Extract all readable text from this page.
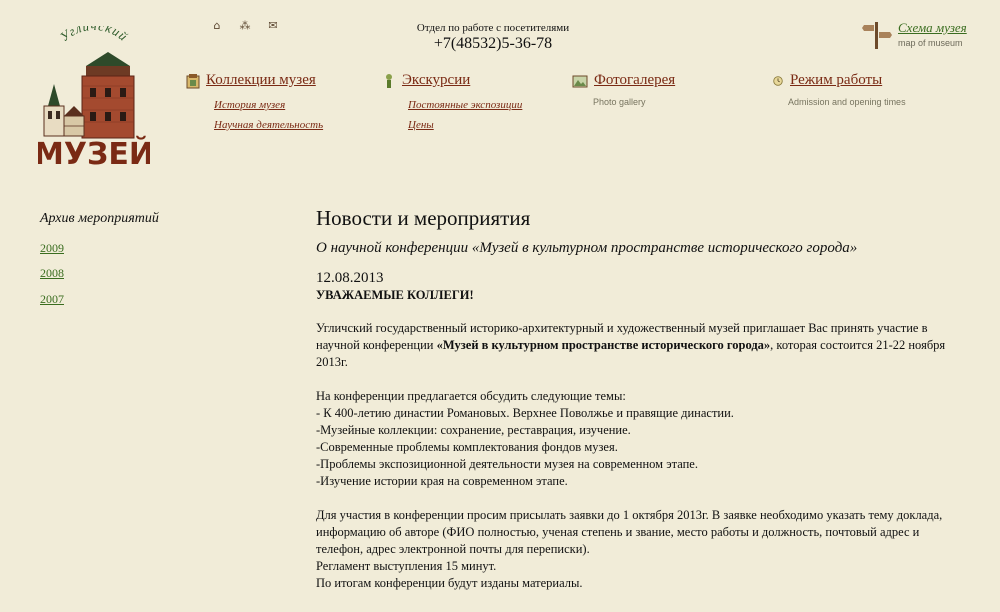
Угли ский
МУЗЕЙ
⌂ ⁂ ✉	Отдел по работе с посетителями
+7(48532)5-36-78
Схема музея
map of museum
Коллекции музея
История музея
Научная деятельность
Экскурсии
Постоянные экспозиции
Цены
Фотогалерея
Photo gallery
Режим работы
Admission and opening times
Архив мероприятий
2009
2008
2007
Новости и мероприятия
О научной конференции «Музей в культурном пространстве исторического города»
12.08.2013
УВАЖАЕМЫЕ КОЛЛЕГИ!

Угличский государственный историко-архитектурный и художественный музей приглашает Вас принять участие в научной конференции «Музей в культурном пространстве исторического города», которая состоится 21-22 ноября 2013г.

На конференции предлагается обсудить следующие темы:
- К 400-летию династии Романовых. Верхнее Поволжье и правящие династии.
-Музейные коллекции: сохранение, реставрация, изучение.
-Современные проблемы комплектования фондов музея.
-Проблемы экспозиционной деятельности музея на современном этапе.
-Изучение истории края на современном этапе.

Для участия в конференции просим присылать заявки до 1 октября 2013г. В заявке необходимо указать тему доклада, информацию об авторе (ФИО полностью, ученая степень и звание, место работы и должность, почтовый адрес и телефон, адрес электронной почты для переписки).
Регламент выступления 15 минут.
По итогам конференции будут изданы материалы.
